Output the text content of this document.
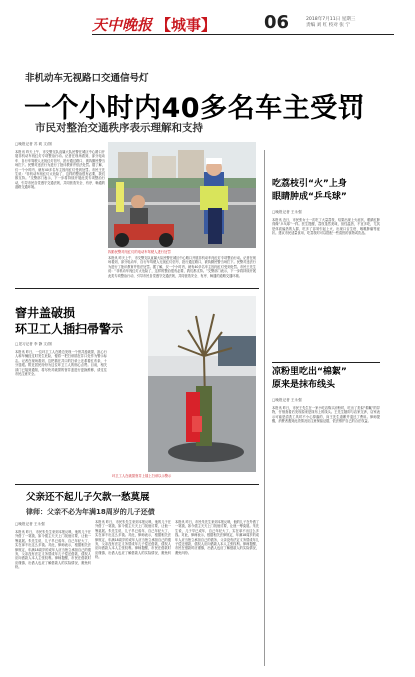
天中晚报 【城事】	06	2018年7月11日 星期三
责编 刘 红 校对 张 宁
非机动车无视路口交通信号灯
一个小时内40多名车主受罚
市民对整治交通秩序表示理解和支持
□晚报记者 苏 莉 文/图
本报讯 昨天上午，市交警支队直属大队民警在城区中心路口开展非机动车闯红灯专项整治行动。记者在现场看到，部分电动车、自行车驾驶人无视红灯信号，抢行通过路口，被执勤民警当场拦下。民警对违法行为进行了批评教育并依法处罚。据了解，仅一个小时内，就有40多名车主因闯红灯受到处罚。市民王先生说：“非机动车闯红灯太危险了，这样的整治很有必要，我们都支持。”交警部门表示，下一步将持续开展此类专项整治行动，引导市民自觉遵守交通法规，共同营造安全、有序、畅通的道路交通环境。
执勤民警对闯红灯的电动车驾驶人进行处罚
本报讯 昨天上午，市交警支队直属大队民警在城区中心路口开展非机动车闯红灯专项整治行动。记者在现场看到，部分电动车、自行车驾驶人无视红灯信号，抢行通过路口，被执勤民警当场拦下。民警对违法行为进行了批评教育并依法处罚。据了解，仅一个小时内，就有40多名车主因闯红灯受到处罚。市民王先生说：“非机动车闯红灯太危险了，这样的整治很有必要，我们都支持。”交警部门表示，下一步将持续开展此类专项整治行动，引导市民自觉遵守交通法规，共同营造安全、有序、畅通的道路交通环境。
窨井盖破损
环卫工人插扫帚警示
□见习记者 李 静 文/图
本报讯 昨日，一位环卫工人在路边发现一个窨井盖破损，担心行人和车辆经过时发生危险，便将一把扫帚插在井口处作为警示标志。记者在现场看到，这把插在井口的扫帚上还系着红布条，十分显眼。附近居民纷纷为这位环卫工人的细心点赞。目前，相关部门已接到通知，将尽快对破损的窨井盖进行更换维修，请过往市民注意安全。
环卫工人在破损窨井上插上扫帚以示警示
父亲还不起儿子欠款一愁莫展
律师：父亲不必为年满18周岁的儿子还债
□晚报记者 王永强
本报讯 昨日，市民朱先生来到本报反映，他的儿子在外借了一笔钱，如今债主天天上门找他讨要，让他一筹莫展。朱先生说，儿子早已成年，自己年纪大了，实在拿不出这么多钱。对此，律师表示，根据相关法律规定，年满18周岁的成年人应当独立承担自己的债务，父亲没有法定义务替成年儿子偿还借款，债权人应向借款人本人主张权利。律师提醒，市民在借款时应谨慎，出借人也应了解借款人的实际情况，避免纠纷。
本报讯 昨日，市民朱先生来到本报反映，他的儿子在外借了一笔钱，如今债主天天上门找他讨要，让他一筹莫展。朱先生说，儿子早已成年，自己年纪大了，实在拿不出这么多钱。对此，律师表示，根据相关法律规定，年满18周岁的成年人应当独立承担自己的债务，父亲没有法定义务替成年儿子偿还借款，债权人应向借款人本人主张权利。律师提醒，市民在借款时应谨慎，出借人也应了解借款人的实际情况，避免纠纷。
本报讯 昨日，市民朱先生来到本报反映，他的儿子在外借了一笔钱，如今债主天天上门找他讨要，让他一筹莫展。朱先生说，儿子早已成年，自己年纪大了，实在拿不出这么多钱。对此，律师表示，根据相关法律规定，年满18周岁的成年人应当独立承担自己的债务，父亲没有法定义务替成年儿子偿还借款，债权人应向借款人本人主张权利。律师提醒，市民在借款时应谨慎，出借人也应了解借款人的实际情况，避免纠纷。
吃荔枝引“火”上身
眼睛肿成“乒乓球”
□晚报记者 王永强
本报讯 近日，市民张女士一次吃了大量荔枝，结果出现上火症状，眼睛红肿得像“乒乓球”一样。医生提醒，荔枝虽然美味，但性温热，不宜多吃，尤其是体质偏热的人群，吃多了容易引起上火，出现口舌生疮、咽喉肿痛等症状。建议市民适量食用，吃荔枝时可以搭配一些清热的食物或饮品。
凉粉里吃出“棉絮”
原来是抹布线头
□晚报记者 王永强
本报讯 昨日，市民王先生在一家小吃店购买凉粉时，吃出了类似“棉絮”的异物，仔细查看后发现原来是抹布上的线头。王先生随即与店家交涉，店家表示可能是清洗工具时不小心掉落的，向王先生道歉并退还了费用。律师提醒，消费者遇到此类情况应注意保留证据，依法维护自己的合法权益。
